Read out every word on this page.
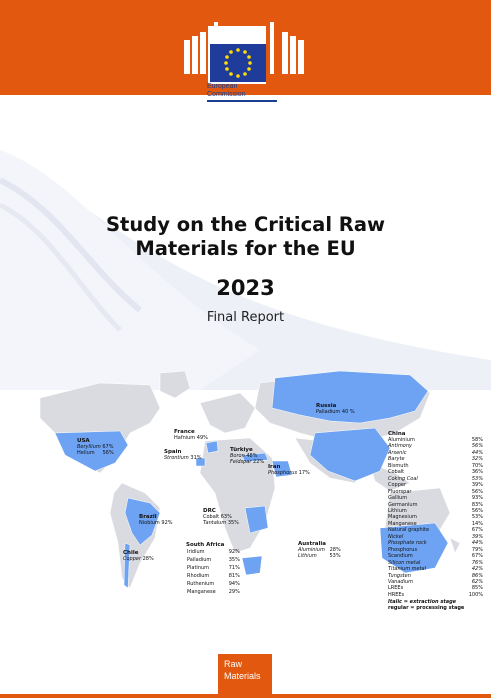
European
Commission
Study on the Critical Raw
Materials for the EU
2023
Final Report
USA
Beryllium 67%
Helium 56%
France
Hafnium 49%
Spain
Strontium 31%
Türkiye
Boron 48%
Feldspar 22%
Iran
Phosphorus 17%
Russia
Palladium 40 %
Brazil
Niobium 92%
DRC
Cobalt 63%
Tantalum 35%
Chile
Copper 28%
South Africa
Iridium	92%
Palladium	35%
Platinum	71%
Rhodium	81%
Ruthenium	94%
Manganese	29%
Australia
Aluminium 28%
Lithium	53%
China
Aluminium	58%
Antimony	56%
Arsenic	44%
Baryte	32%
Bismuth	70%
Cobalt	36%
Coking Coal	53%
Copper	39%
Fluorspar	56%
Gallium	93%
Germanium	83%
Lithium	56%
Magnesium	53%
Manganese	14%
Natural graphite	67%
Nickel	39%
Phosphate rock	44%
Phosphorus	79%
Scandium	67%
Silicon metal	76%
Titanium metal	42%
Tungsten	86%
Vanadium	62%
LREEs	85%
HREEs	100%
Italic = extraction stage
regular = processing stage
Raw
Materials
